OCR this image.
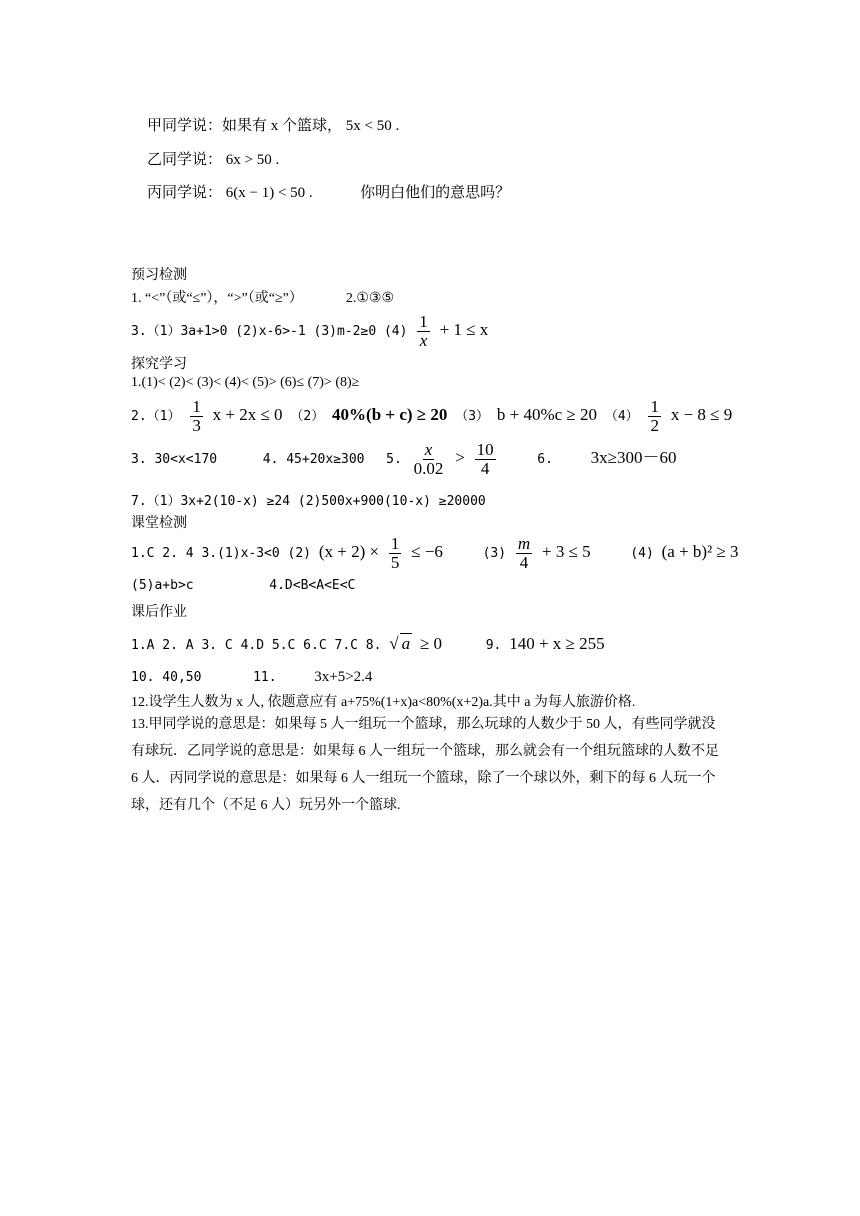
甲同学说：如果有 x 个篮球， 5x < 50 .
乙同学说： 6x > 50 .
丙同学说： 6(x − 1) < 50 .	你明白他们的意思吗？
预习检测
1. “<”（或“≤”），“>”（或“≥”）	2.①③⑤
3.（1）3a+1>0 (2)x-6>-1 (3)m-2≥0 $(4) \frac{1}{x} + 1 \le x$
探究学习
1.(1)< (2)< (3)< (4)< (5)> (6)≤ (7)> (8)≥
$2.(1) \frac{1}{3}$ x + 2x ≤ 0 （2） 40%(b + c) ≥ 20 （3） b + 40%c ≥ 20 $(4) \frac{1}{2}$ x − 8 ≤ 9
3. 30<x<170	4. 45+20x≥300 5. $\frac{x}{0.02} > \frac{10}{4}$	6. 3x≥300－60
7.（1）3x+2(10-x) ≥24 (2)500x+900(10-x) ≥20000
课堂检测
1.C 2. 4 3.(1)x-3<0 (2) $(x + 2) \times \frac{1}{5} \le -6$	$(3) \frac{m}{4} + 3 \le 5$	(4) (a + b)² ≥ 3
(5)a+b>c	4.D<B<A<E<C
课后作业
1.A 2. A 3. C 4.D 5.C 6.C 7.C 8. √ a ≥ 0	9. 140 + x ≥ 255
10. 40,50	11.	3x+5>2.4
12.设学生人数为 x 人, 依题意应有 a+75%(1+x)a<80%(x+2)a.其中 a 为每人旅游价格.
13.甲同学说的意思是：如果每 5 人一组玩一个篮球，那么玩球的人数少于 50 人，有些同学就没有球玩．乙同学说的意思是：如果每 6 人一组玩一个篮球，那么就会有一个组玩篮球的人数不足 6 人．丙同学说的意思是：如果每 6 人一组玩一个篮球，除了一个球以外，剩下的每 6 人玩一个球，还有几个（不足 6 人）玩另外一个篮球.
